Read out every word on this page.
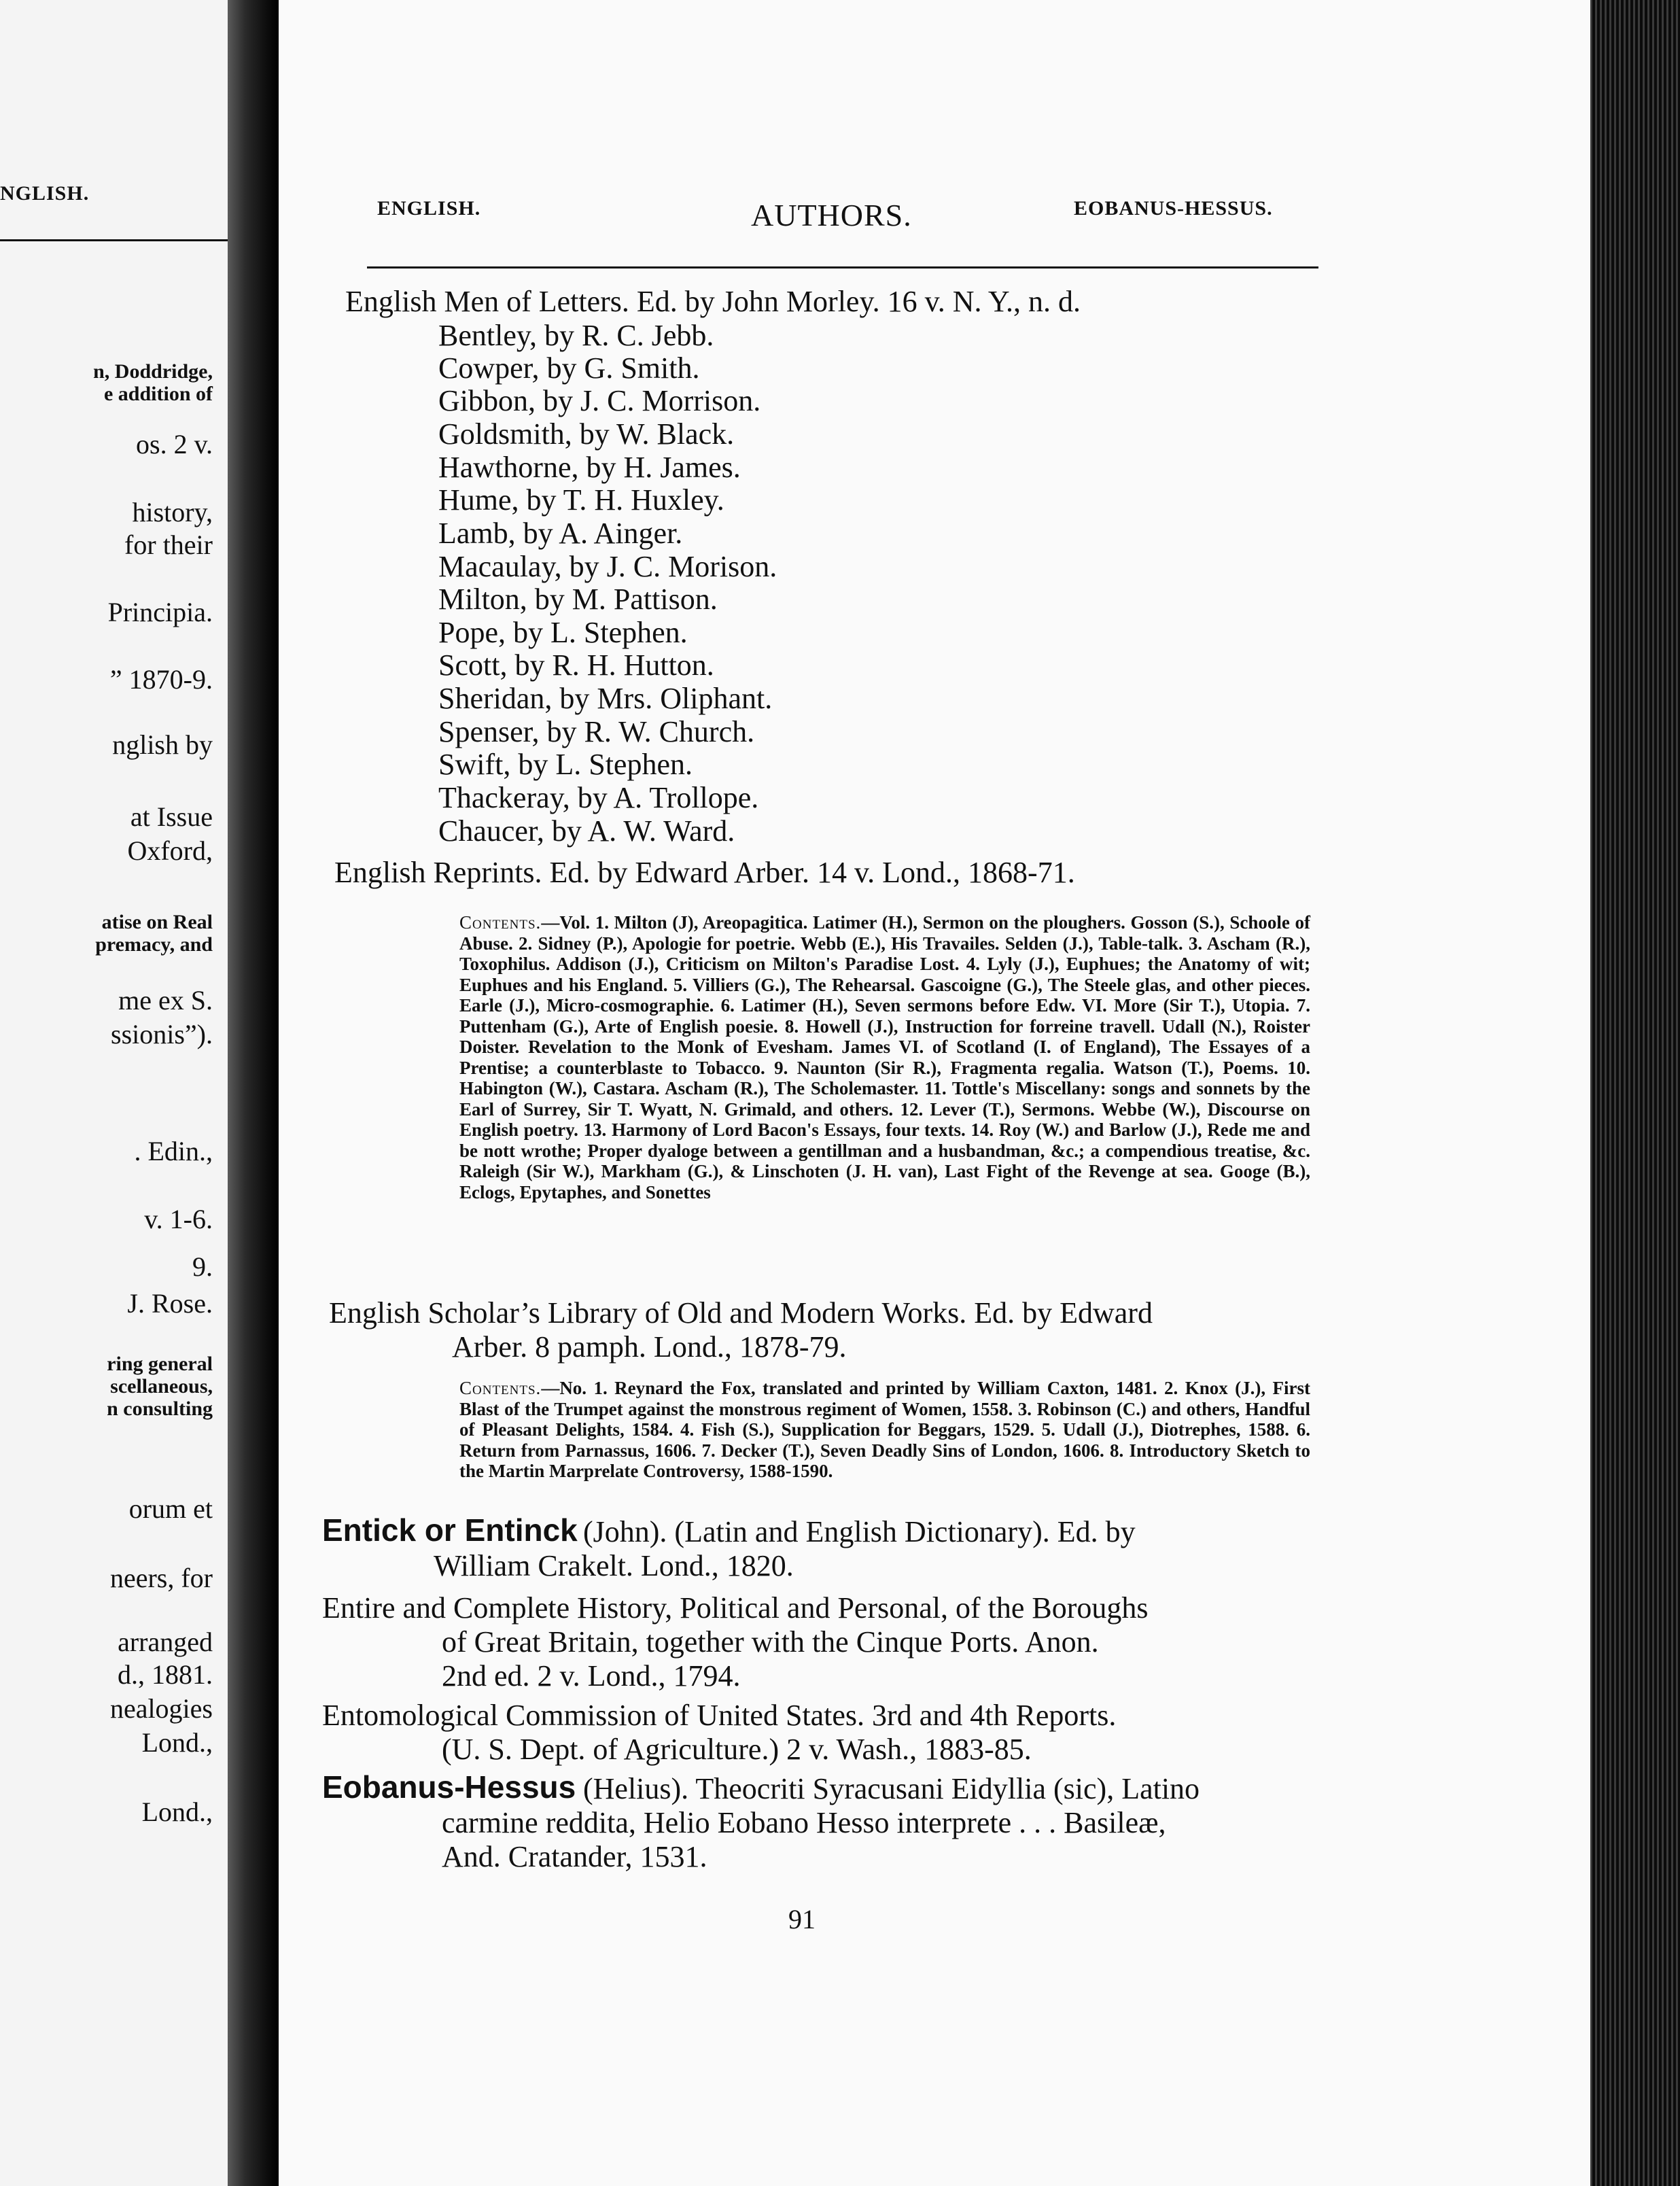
NGLISH.
n, Doddridge,
e addition of
os. 2 v.
history,
for their
Principia.
” 1870-9.
nglish by
at Issue
Oxford,
atise on Real
premacy, and
me ex S.
ssionis”).
. Edin.,
v. 1-6.
9.
J. Rose.
ring general
scellaneous,
n consulting
orum et
neers, for
arranged
d., 1881.
nealogies
Lond.,
Lond.,
ENGLISH.	AUTHORS.	EOBANUS-HESSUS.
English Men of Letters. Ed. by John Morley. 16 v. N. Y., n. d.
Bentley, by R. C. Jebb.
Cowper, by G. Smith.
Gibbon, by J. C. Morrison.
Goldsmith, by W. Black.
Hawthorne, by H. James.
Hume, by T. H. Huxley.
Lamb, by A. Ainger.
Macaulay, by J. C. Morison.
Milton, by M. Pattison.
Pope, by L. Stephen.
Scott, by R. H. Hutton.
Sheridan, by Mrs. Oliphant.
Spenser, by R. W. Church.
Swift, by L. Stephen.
Thackeray, by A. Trollope.
Chaucer, by A. W. Ward.
English Reprints. Ed. by Edward Arber. 14 v. Lond., 1868-71.
English Scholar’s Library of Old and Modern Works. Ed. by Edward
Arber. 8 pamph. Lond., 1878-79.
(John). (Latin and English Dictionary). Ed. by
William Crakelt. Lond., 1820.
Entire and Complete History, Political and Personal, of the Boroughs
of Great Britain, together with the Cinque Ports. Anon.
2nd ed. 2 v. Lond., 1794.
Entomological Commission of United States. 3rd and 4th Reports.
(U. S. Dept. of Agriculture.) 2 v. Wash., 1883-85.
(Helius). Theocriti Syracusani Eidyllia (sic), Latino
carmine reddita, Helio Eobano Hesso interprete . . . Basileæ,
And. Cratander, 1531.
Entick or Entinck
Eobanus-Hessus
Contents.—Vol. 1. Milton (J), Areopagitica. Latimer (H.), Sermon on the ploughers. Gosson (S.), Schoole of Abuse. 2. Sidney (P.), Apologie for poetrie. Webb (E.), His Travailes. Selden (J.), Table-talk. 3. Ascham (R.), Toxophilus. Addison (J.), Criticism on Milton's Paradise Lost. 4. Lyly (J.), Euphues; the Anatomy of wit; Euphues and his England. 5. Villiers (G.), The Rehearsal. Gascoigne (G.), The Steele glas, and other pieces. Earle (J.), Micro-cosmographie. 6. Latimer (H.), Seven sermons before Edw. VI. More (Sir T.), Utopia. 7. Puttenham (G.), Arte of English poesie. 8. Howell (J.), Instruction for forreine travell. Udall (N.), Roister Doister. Revelation to the Monk of Evesham. James VI. of Scotland (I. of England), The Essayes of a Prentise; a counterblaste to Tobacco. 9. Naunton (Sir R.), Fragmenta regalia. Watson (T.), Poems. 10. Habington (W.), Castara. Ascham (R.), The Scholemaster. 11. Tottle's Miscellany: songs and sonnets by the Earl of Surrey, Sir T. Wyatt, N. Grimald, and others. 12. Lever (T.), Sermons. Webbe (W.), Discourse on English poetry. 13. Harmony of Lord Bacon's Essays, four texts. 14. Roy (W.) and Barlow (J.), Rede me and be nott wrothe; Proper dyaloge between a gentillman and a husbandman, &c.; a compendious treatise, &c. Raleigh (Sir W.), Markham (G.), & Linschoten (J. H. van), Last Fight of the Revenge at sea. Googe (B.), Eclogs, Epytaphes, and Sonettes
Contents.—No. 1. Reynard the Fox, translated and printed by William Caxton, 1481. 2. Knox (J.), First Blast of the Trumpet against the monstrous regiment of Women, 1558. 3. Robinson (C.) and others, Handful of Pleasant Delights, 1584. 4. Fish (S.), Supplication for Beggars, 1529. 5. Udall (J.), Diotrephes, 1588. 6. Return from Parnassus, 1606. 7. Decker (T.), Seven Deadly Sins of London, 1606. 8. Introductory Sketch to the Martin Marprelate Controversy, 1588-1590.
91
